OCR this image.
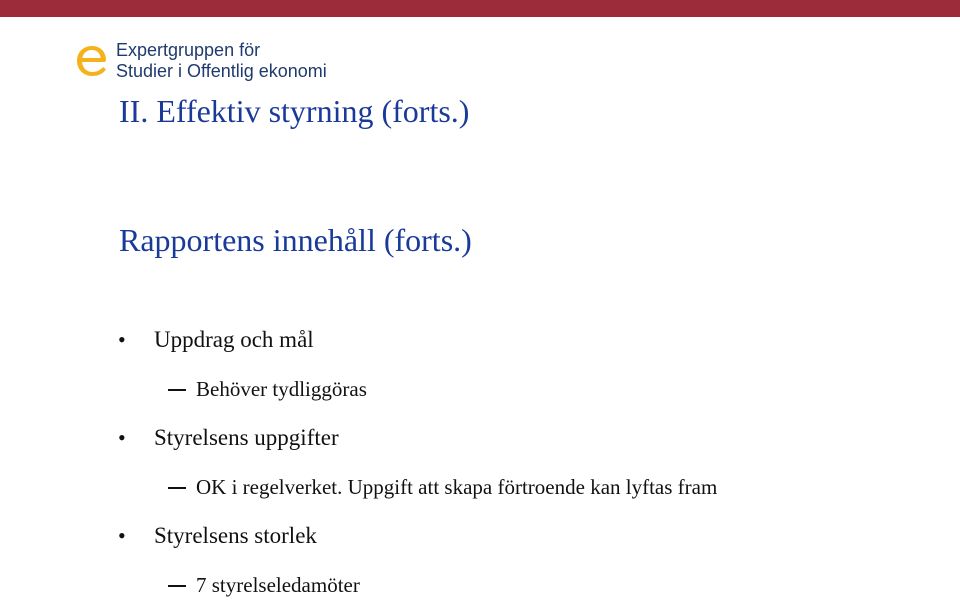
Expertgruppen för
Studier i Offentlig ekonomi
II. Effektiv styrning (forts.)
Rapportens innehåll (forts.)
• Uppdrag och mål
Behöver tydliggöras
• Styrelsens uppgifter
OK i regelverket. Uppgift att skapa förtroende kan lyftas fram
• Styrelsens storlek
7 styrelseledamöter
